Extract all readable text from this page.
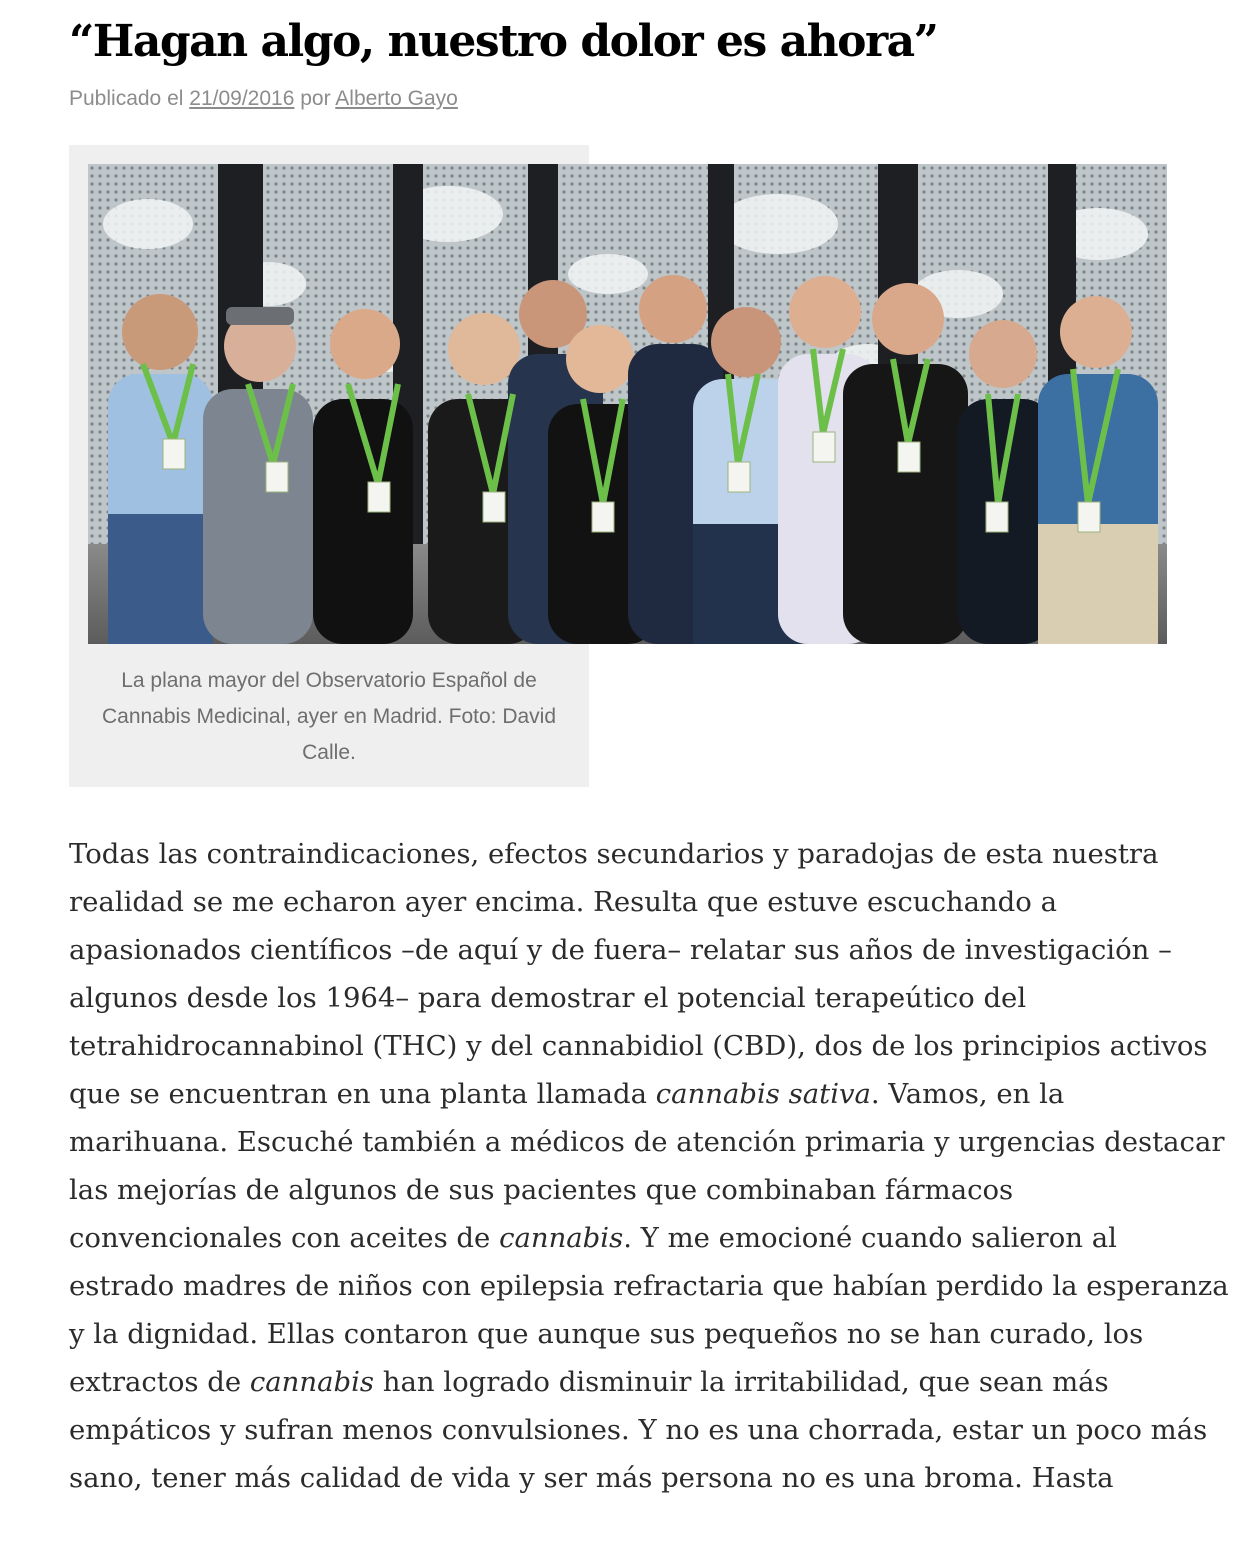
“Hagan algo, nuestro dolor es ahora”
Publicado el 21/09/2016 por Alberto Gayo
La plana mayor del Observatorio Español de Cannabis Medicinal, ayer en Madrid. Foto: David Calle.

Todas las contraindicaciones, efectos secundarios y paradojas de esta nuestra realidad se me echaron ayer encima. Resulta que estuve escuchando a apasionados científicos –de aquí y de fuera– relatar sus años de investigación –algunos desde los 1964– para demostrar el potencial terapeútico del tetrahidrocannabinol (THC) y del cannabidiol (CBD), dos de los principios activos que se encuentran en una planta llamada cannabis sativa. Vamos, en la marihuana. Escuché también a médicos de atención primaria y urgencias destacar las mejorías de algunos de sus pacientes que combinaban fármacos convencionales con aceites de cannabis. Y me emocioné cuando salieron al estrado madres de niños con epilepsia refractaria que habían perdido la esperanza y la dignidad. Ellas contaron que aunque sus pequeños no se han curado, los extractos de cannabis han logrado disminuir la irritabilidad, que sean más empáticos y sufran menos convulsiones. Y no es una chorrada, estar un poco más sano, tener más calidad de vida y ser más persona no es una broma. Hasta
